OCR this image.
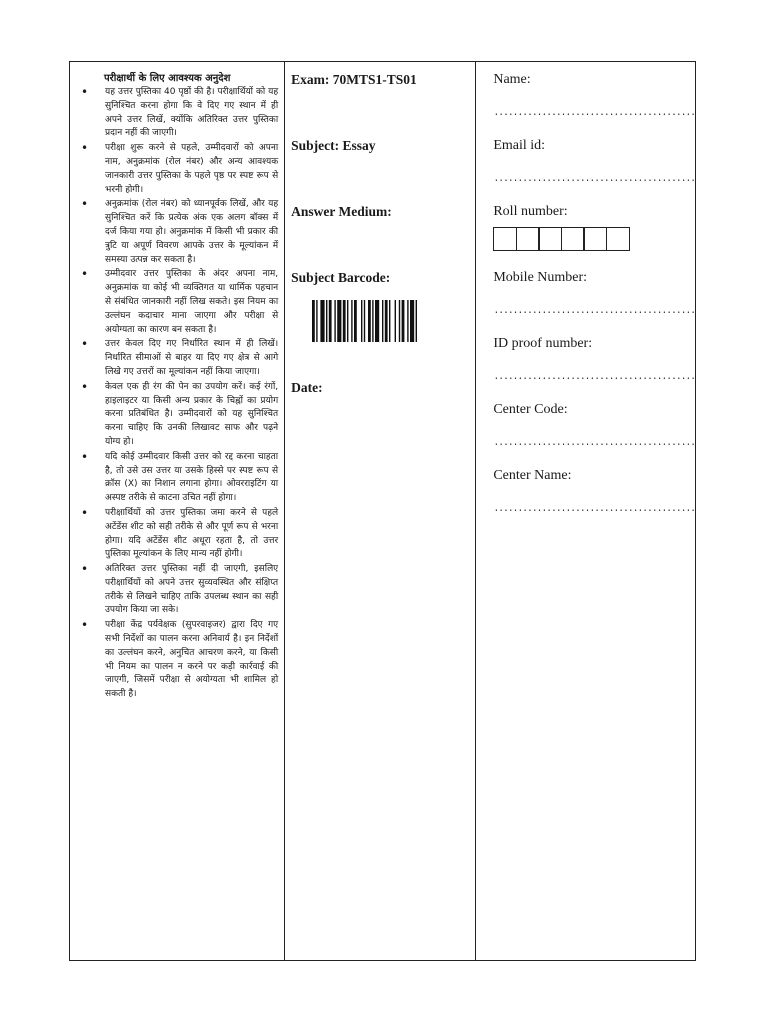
परीक्षार्थी के लिए आवश्यक अनुदेश
• यह उत्तर पुस्तिका 40 पृष्ठों की है। परीक्षार्थियों को यह सुनिश्चित करना होगा कि वे दिए गए स्थान में ही अपने उत्तर लिखें, क्योंकि अतिरिक्त उत्तर पुस्तिका प्रदान नहीं की जाएगी।
• परीक्षा शुरू करने से पहले, उम्मीदवारों को अपना नाम, अनुक्रमांक (रोल नंबर) और अन्य आवश्यक जानकारी उत्तर पुस्तिका के पहले पृष्ठ पर स्पष्ट रूप से भरनी होगी।
• अनुक्रमांक (रोल नंबर) को ध्यानपूर्वक लिखें, और यह सुनिश्चित करें कि प्रत्येक अंक एक अलग बॉक्स में दर्ज किया गया हो। अनुक्रमांक में किसी भी प्रकार की त्रुटि या अपूर्ण विवरण आपके उत्तर के मूल्यांकन में समस्या उत्पन्न कर सकता है।
• उम्मीदवार उत्तर पुस्तिका के अंदर अपना नाम, अनुक्रमांक या कोई भी व्यक्तिगत या धार्मिक पहचान से संबंधित जानकारी नहीं लिख सकते। इस नियम का उल्लंघन कदाचार माना जाएगा और परीक्षा से अयोग्यता का कारण बन सकता है।
• उत्तर केवल दिए गए निर्धारित स्थान में ही लिखें। निर्धारित सीमाओं से बाहर या दिए गए क्षेत्र से आगे लिखे गए उत्तरों का मूल्यांकन नहीं किया जाएगा।
• केवल एक ही रंग की पेन का उपयोग करें। कई रंगों, हाइलाइटर या किसी अन्य प्रकार के चिह्नों का प्रयोग करना प्रतिबंधित है। उम्मीदवारों को यह सुनिश्चित करना चाहिए कि उनकी लिखावट साफ और पढ़ने योग्य हो।
• यदि कोई उम्मीदवार किसी उत्तर को रद्द करना चाहता है, तो उसे उस उत्तर या उसके हिस्से पर स्पष्ट रूप से क्रॉस (X) का निशान लगाना होगा। ओवरराइटिंग या अस्पष्ट तरीके से काटना उचित नहीं होगा।
• परीक्षार्थियों को उत्तर पुस्तिका जमा करने से पहले अटेंडेंस शीट को सही तरीके से और पूर्ण रूप से भरना होगा। यदि अटेंडेंस शीट अधूरा रहता है, तो उत्तर पुस्तिका मूल्यांकन के लिए मान्य नहीं होगी।
• अतिरिक्त उत्तर पुस्तिका नहीं दी जाएगी, इसलिए परीक्षार्थियों को अपने उत्तर सुव्यवस्थित और संक्षिप्त तरीके से लिखने चाहिए ताकि उपलब्ध स्थान का सही उपयोग किया जा सके।
• परीक्षा केंद्र पर्यवेक्षक (सुपरवाइजर) द्वारा दिए गए सभी निर्देशों का पालन करना अनिवार्य है। इन निर्देशों का उल्लंघन करने, अनुचित आचरण करने, या किसी भी नियम का पालन न करने पर कड़ी कार्रवाई की जाएगी, जिसमें परीक्षा से अयोग्यता भी शामिल हो सकती है।
Exam: 70MTS1-TS01
Subject: Essay
Answer Medium:
Subject Barcode:
Date:
Name:
..........................................
Email id:
..........................................
Roll number:
Mobile Number:
..........................................
ID proof number:
..........................................
Center Code:
..........................................
Center Name:
..........................................
